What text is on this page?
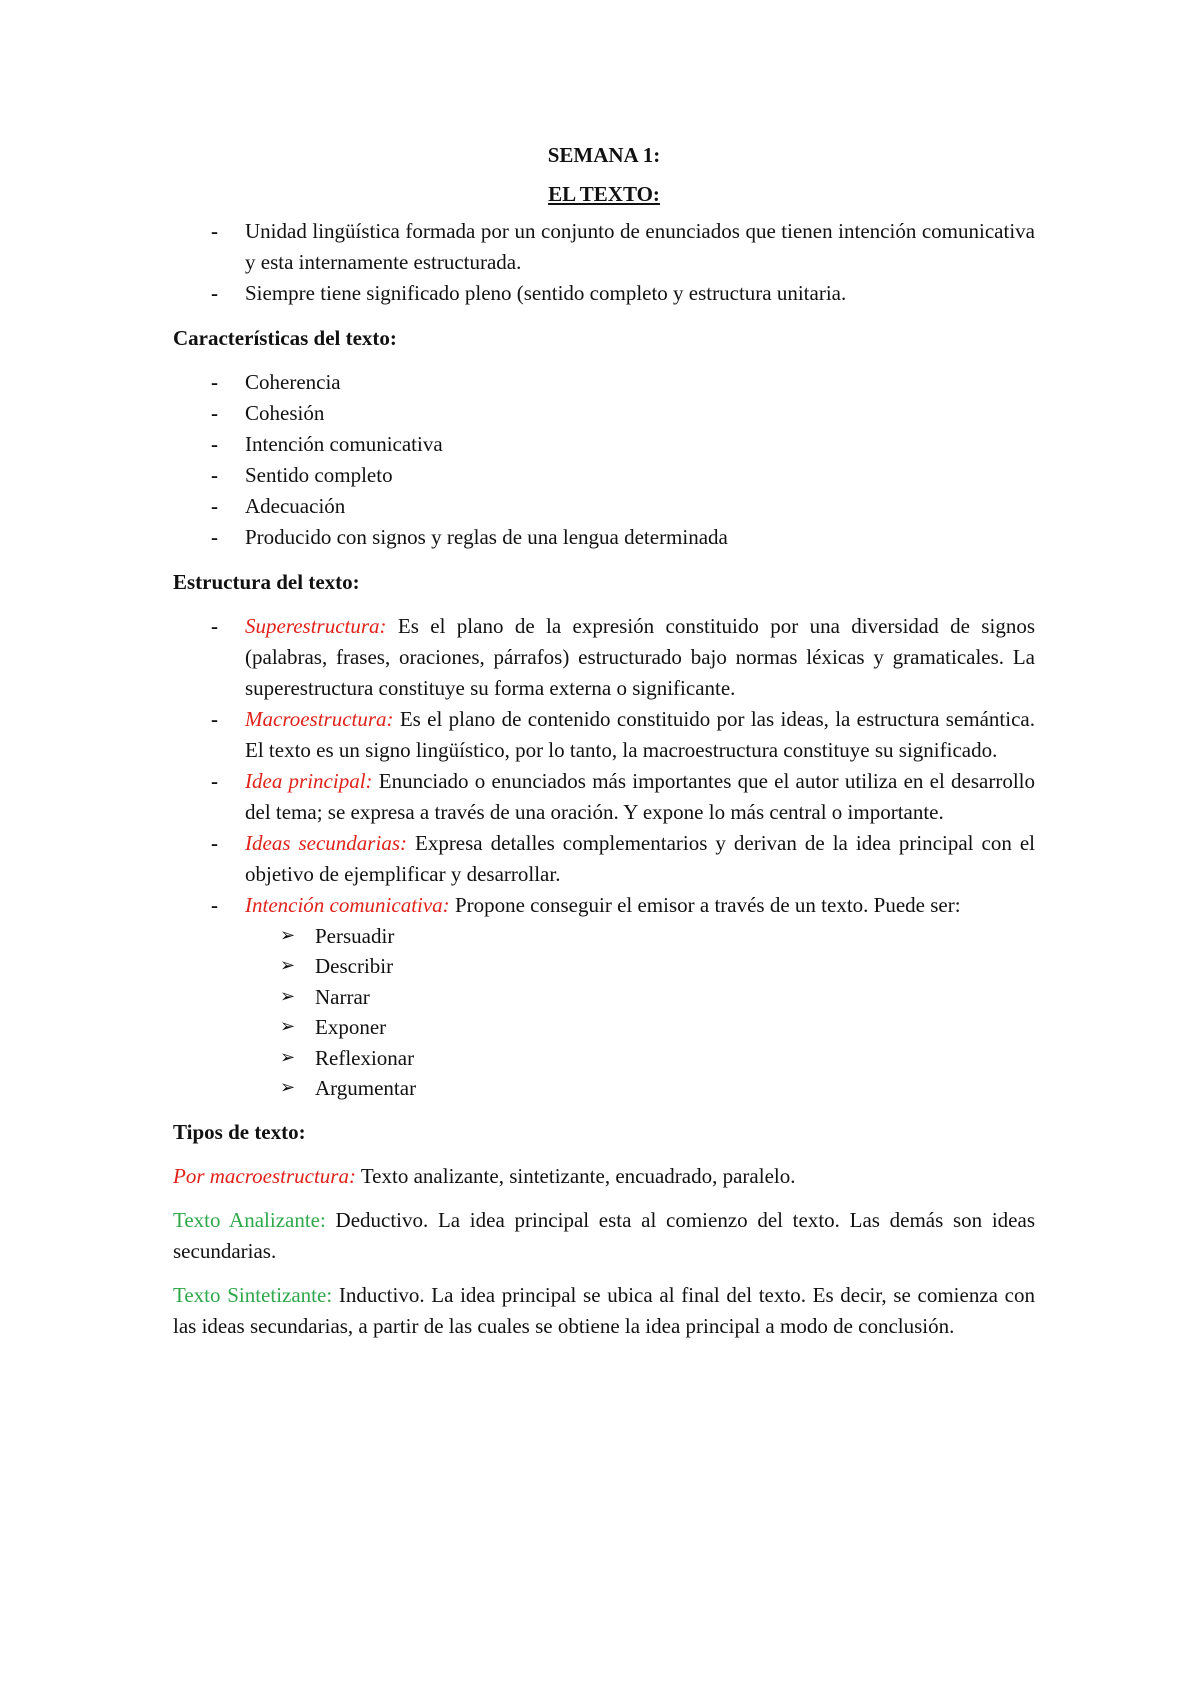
SEMANA 1:
EL TEXTO:
- Unidad lingüística formada por un conjunto de enunciados que tienen intención comunicativa y esta internamente estructurada.
- Siempre tiene significado pleno (sentido completo y estructura unitaria.
Características del texto:
- Coherencia
- Cohesión
- Intención comunicativa
- Sentido completo
- Adecuación
- Producido con signos y reglas de una lengua determinada
Estructura del texto:
- Superestructura: Es el plano de la expresión constituido por una diversidad de signos (palabras, frases, oraciones, párrafos) estructurado bajo normas léxicas y gramaticales. La superestructura constituye su forma externa o significante.
- Macroestructura: Es el plano de contenido constituido por las ideas, la estructura semántica. El texto es un signo lingüístico, por lo tanto, la macroestructura constituye su significado.
- Idea principal: Enunciado o enunciados más importantes que el autor utiliza en el desarrollo del tema; se expresa a través de una oración. Y expone lo más central o importante.
- Ideas secundarias: Expresa detalles complementarios y derivan de la idea principal con el objetivo de ejemplificar y desarrollar.
- Intención comunicativa: Propone conseguir el emisor a través de un texto. Puede ser:
➢ Persuadir
➢ Describir
➢ Narrar
➢ Exponer
➢ Reflexionar
➢ Argumentar
Tipos de texto:

Por macroestructura: Texto analizante, sintetizante, encuadrado, paralelo.

Texto Analizante: Deductivo. La idea principal esta al comienzo del texto. Las demás son ideas secundarias.

Texto Sintetizante: Inductivo. La idea principal se ubica al final del texto. Es decir, se comienza con las ideas secundarias, a partir de las cuales se obtiene la idea principal a modo de conclusión.
